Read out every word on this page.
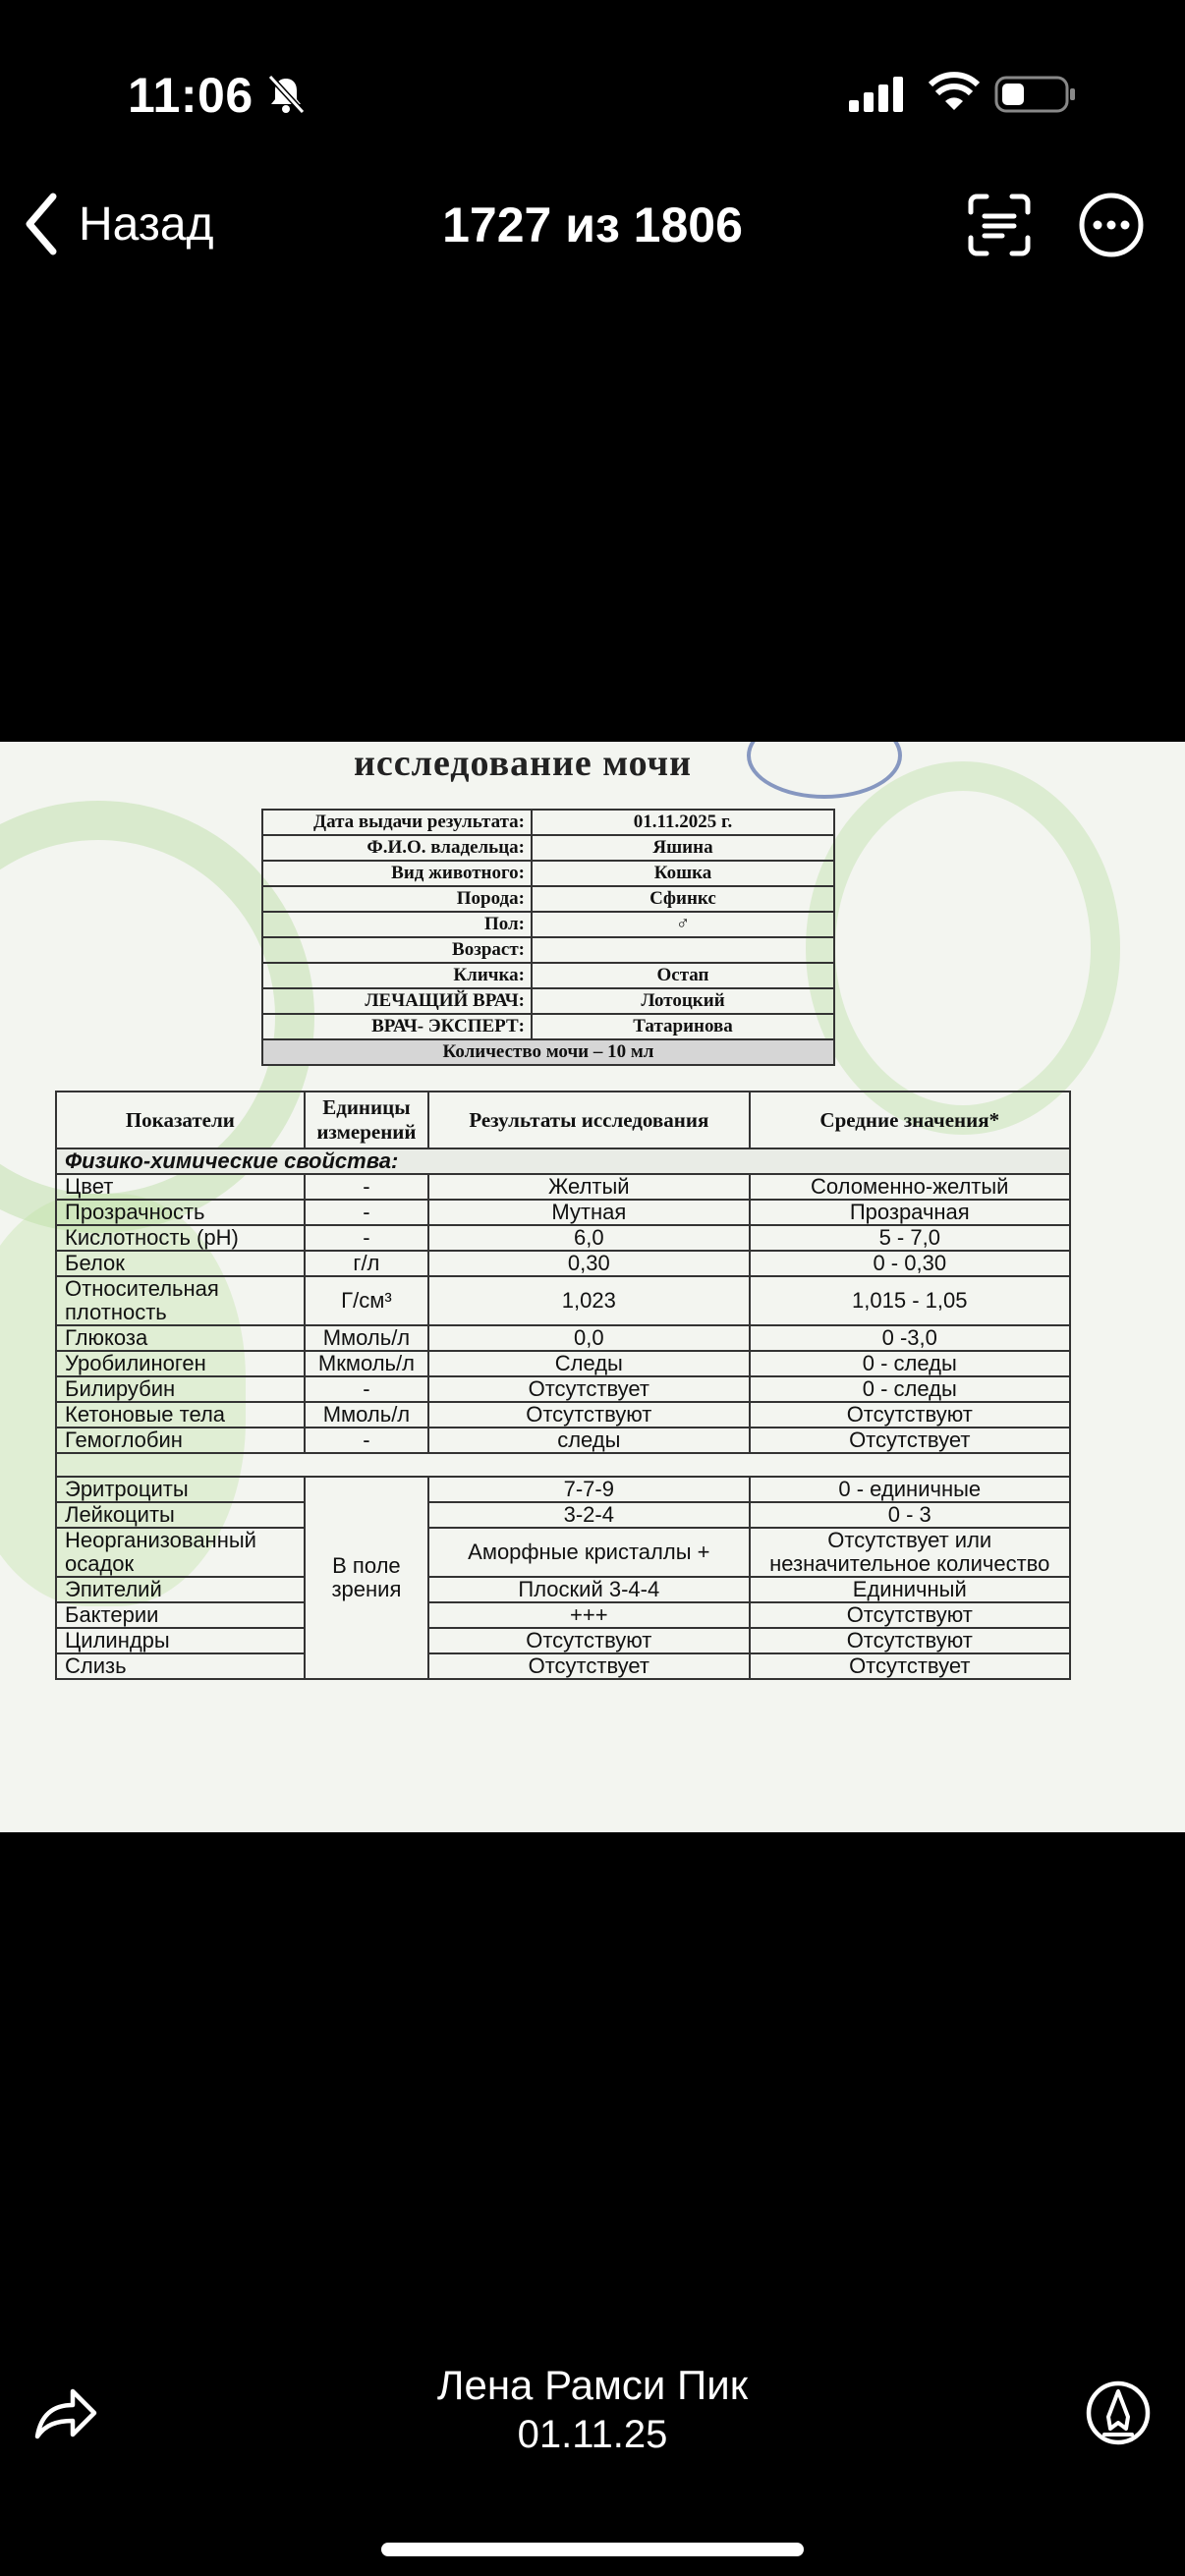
11:06
Назад	1727 из 1806
исследование мочи
Дата выдачи результата:	01.11.2025 г.
Ф.И.О. владельца:	Яшина
Вид животного:	Кошка
Порода:	Сфинкс
Пол:	♂
Возраст:	
Кличка:	Остап
ЛЕЧАЩИЙ ВРАЧ:	Лотоцкий
ВРАЧ- ЭКСПЕРТ:	Татаринова
Количество мочи – 10 мл	
Показатели	Единицы измерений	Результаты исследования	Средние значения*
Физико-химические свойства:			
Цвет	-	Желтый	Соломенно-желтый
Прозрачность	-	Мутная	Прозрачная
Кислотность (pH)	-	6,0	5 - 7,0
Белок	г/л	0,30	0 - 0,30
Относительная плотность	Г/см³	1,023	1,015 - 1,05
Глюкоза	Ммоль/л	0,0	0 -3,0
Уробилиноген	Мкмоль/л	Следы	0 - следы
Билирубин	-	Отсутствует	0 - следы
Кетоновые тела	Ммоль/л	Отсутствуют	Отсутствуют
Гемоглобин	-	следы	Отсутствует

Эритроциты	В поле зрения	7-7-9	0 - единичные
Лейкоциты		3-2-4	0 - 3
Неорганизованный осадок		Аморфные кристаллы +	Отсутствует или незначительное количество
Эпителий		Плоский 3-4-4	Единичный
Бактерии		+++	Отсутствуют
Цилиндры		Отсутствуют	Отсутствуют
Слизь		Отсутствует	Отсутствует
Лена Рамси Пик
01.11.25
